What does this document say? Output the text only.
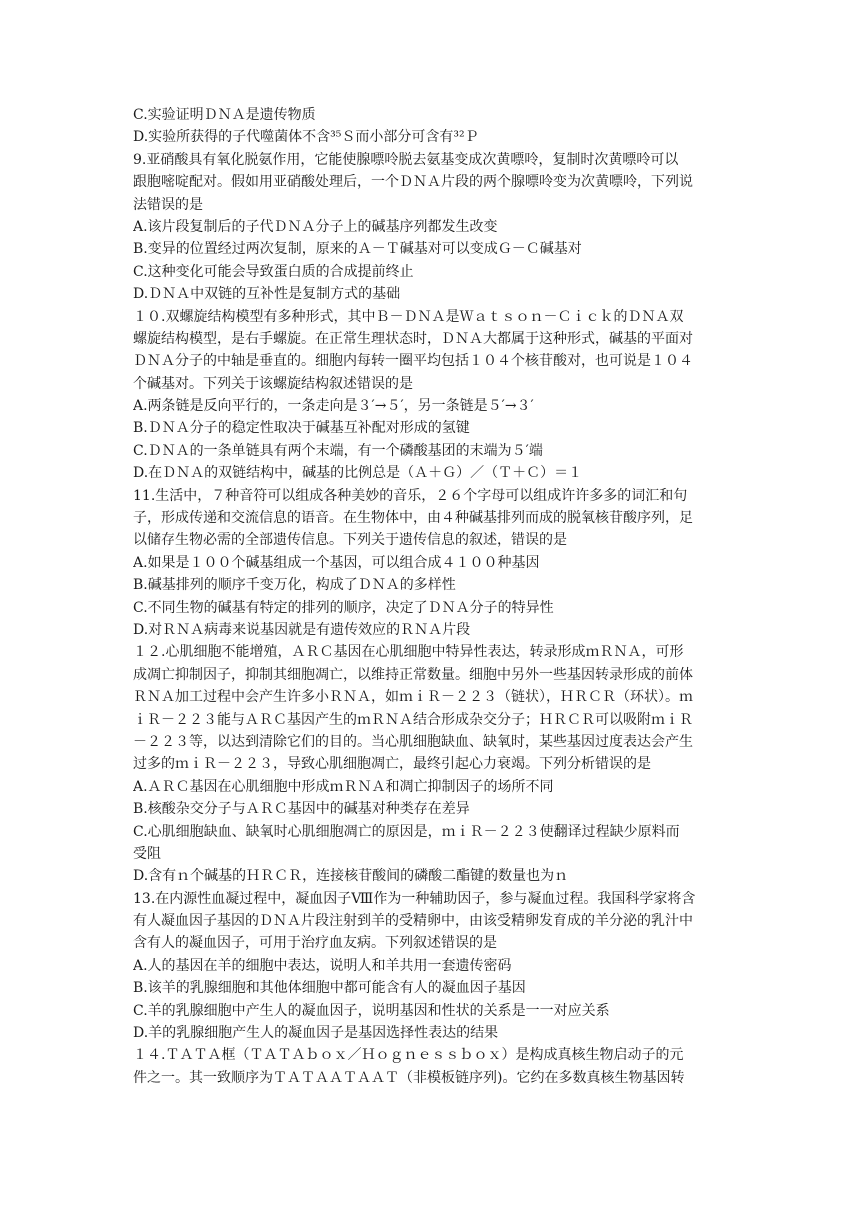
C.实验证明ＤＮＡ是遗传物质
D.实验所获得的子代噬菌体不含³⁵Ｓ而小部分可含有³²Ｐ
9.亚硝酸具有氧化脱氨作用，它能使腺嘌呤脱去氨基变成次黄嘌呤，复制时次黄嘌呤可以
跟胞嘧啶配对。假如用亚硝酸处理后，一个ＤＮＡ片段的两个腺嘌呤变为次黄嘌呤，下列说
法错误的是
A.该片段复制后的子代ＤＮＡ分子上的碱基序列都发生改变
B.变异的位置经过两次复制，原来的Ａ－Ｔ碱基对可以变成Ｇ－Ｃ碱基对
C.这种变化可能会导致蛋白质的合成提前终止
D.ＤＮＡ中双链的互补性是复制方式的基础
１０.双螺旋结构模型有多种形式，其中Ｂ－ＤＮＡ是Ｗａｔｓｏｎ－Ｃｉｃｋ的ＤＮＡ双
螺旋结构模型，是右手螺旋。在正常生理状态时，ＤＮＡ大都属于这种形式，碱基的平面对
ＤＮＡ分子的中轴是垂直的。细胞内每转一圈平均包括１０４个核苷酸对，也可说是１０４
个碱基对。下列关于该螺旋结构叙述错误的是
A.两条链是反向平行的，一条走向是３′→５′，另一条链是５′→３′
B.ＤＮＡ分子的稳定性取决于碱基互补配对形成的氢键
C.ＤＮＡ的一条单链具有两个末端，有一个磷酸基团的末端为５′端
D.在ＤＮＡ的双链结构中，碱基的比例总是（Ａ＋Ｇ）／（Ｔ＋Ｃ）＝１
11.生活中，７种音符可以组成各种美妙的音乐，２６个字母可以组成许许多多的词汇和句
子，形成传递和交流信息的语音。在生物体中，由４种碱基排列而成的脱氧核苷酸序列，足
以储存生物必需的全部遗传信息。下列关于遗传信息的叙述，错误的是
A.如果是１００个碱基组成一个基因，可以组合成４１００种基因
B.碱基排列的顺序千变万化，构成了ＤＮＡ的多样性
C.不同生物的碱基有特定的排列的顺序，决定了ＤＮＡ分子的特异性
D.对ＲＮＡ病毒来说基因就是有遗传效应的ＲＮＡ片段
１２.心肌细胞不能增殖，ＡＲＣ基因在心肌细胞中特异性表达，转录形成ｍＲＮＡ，可形
成凋亡抑制因子，抑制其细胞凋亡，以维持正常数量。细胞中另外一些基因转录形成的前体
ＲＮＡ加工过程中会产生许多小ＲＮＡ，如ｍｉＲ－２２３（链状），ＨＲＣＲ（环状）。ｍ
ｉＲ－２２３能与ＡＲＣ基因产生的ｍＲＮＡ结合形成杂交分子；ＨＲＣＲ可以吸附ｍｉＲ
－２２３等，以达到清除它们的目的。当心肌细胞缺血、缺氧时，某些基因过度表达会产生
过多的ｍｉＲ－２２３，导致心肌细胞凋亡，最终引起心力衰竭。下列分析错误的是
A.ＡＲＣ基因在心肌细胞中形成ｍＲＮＡ和凋亡抑制因子的场所不同
B.核酸杂交分子与ＡＲＣ基因中的碱基对种类存在差异
C.心肌细胞缺血、缺氧时心肌细胞凋亡的原因是，ｍｉＲ－２２３使翻译过程缺少原料而
受阻
D.含有ｎ个碱基的ＨＲＣＲ，连接核苷酸间的磷酸二酯键的数量也为ｎ
13.在内源性血凝过程中，凝血因子Ⅷ作为一种辅助因子，参与凝血过程。我国科学家将含
有人凝血因子基因的ＤＮＡ片段注射到羊的受精卵中，由该受精卵发育成的羊分泌的乳汁中
含有人的凝血因子，可用于治疗血友病。下列叙述错误的是
A.人的基因在羊的细胞中表达，说明人和羊共用一套遗传密码
B.该羊的乳腺细胞和其他体细胞中都可能含有人的凝血因子基因
C.羊的乳腺细胞中产生人的凝血因子，说明基因和性状的关系是一一对应关系
D.羊的乳腺细胞产生人的凝血因子是基因选择性表达的结果
１４.ＴＡＴＡ框（ＴＡＴＡｂｏｘ／Ｈｏｇｎｅｓｓｂｏｘ）是构成真核生物启动子的元
件之一。其一致顺序为ＴＡＴＡＡＴＡＡＴ（非模板链序列)。它约在多数真核生物基因转
